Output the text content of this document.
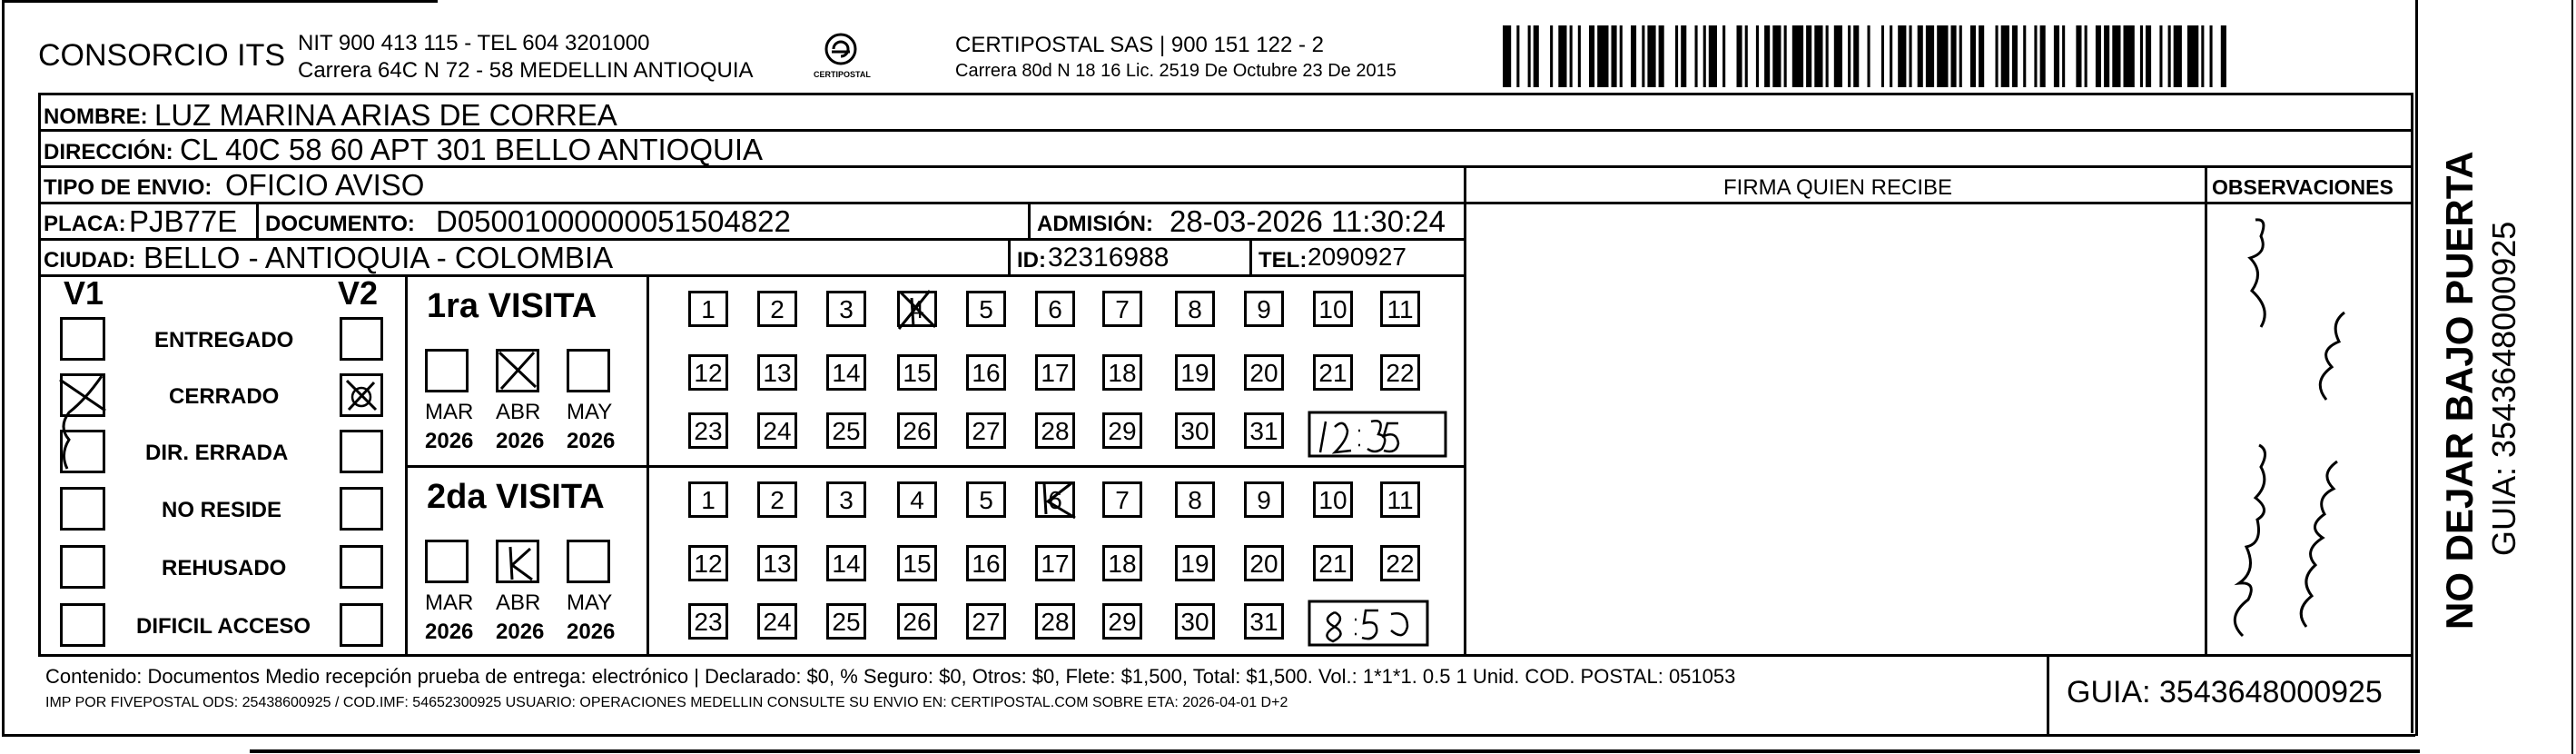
CONSORCIO ITS NIT 900 413 115 - TEL 604 3201000
Carrera 64C N 72 - 58 MEDELLIN ANTIOQUIA	CERTIPOSTAL
CERTIPOSTAL SAS | 900 151 122 - 2
Carrera 80d N 18 16 Lic. 2519 De Octubre 23 De 2015
NOMBRE: LUZ MARINA ARIAS DE CORREA
DIRECCIÓN: CL 40C 58 60 APT 301 BELLO ANTIOQUIA
TIPO DE ENVIO: OFICIO AVISO	FIRMA QUIEN RECIBE	OBSERVACIONES
PLACA: PJB77E DOCUMENTO: D05001000000051504822	ADMISIÓN: 28-03-2026 11:30:24
CIUDAD: BELLO - ANTIOQUIA - COLOMBIA	ID: 32316988	TEL: 2090927
V1	V2
ENTREGADO
CERRADO
DIR. ERRADA
NO RESIDE
REHUSADO
DIFICIL ACCESO
1ra VISITA
MAR
2026
ABR
2026
MAY
2026
1	2	3	4	5	6	7	8	9	10 11
12 13 14 15 16 17 18 19 20 21 22
23 24 25 26 27 28 29 30 31
2da VISITA
MAR
2026
ABR
2026
MAY
2026
1	2	3	4	5	6	7	8	9	10 11
12 13 14 15 16 17 18 19 20 21 22
23 24 25 26 27 28 29 30 31	NO DEJAR BAJO PUERTA GUIA: 3543648000925
Contenido: Documentos Medio recepción prueba de entrega: electrónico | Declarado: $0, % Seguro: $0, Otros: $0, Flete: $1,500, Total: $1,500. Vol.: 1*1*1. 0.5 1 Unid. COD. POSTAL: 051053
IMP POR FIVEPOSTAL ODS: 25438600925 / COD.IMF: 54652300925 USUARIO: OPERACIONES MEDELLIN CONSULTE SU ENVIO EN: CERTIPOSTAL.COM SOBRE ETA: 2026-04-01 D+2	GUIA: 3543648000925
